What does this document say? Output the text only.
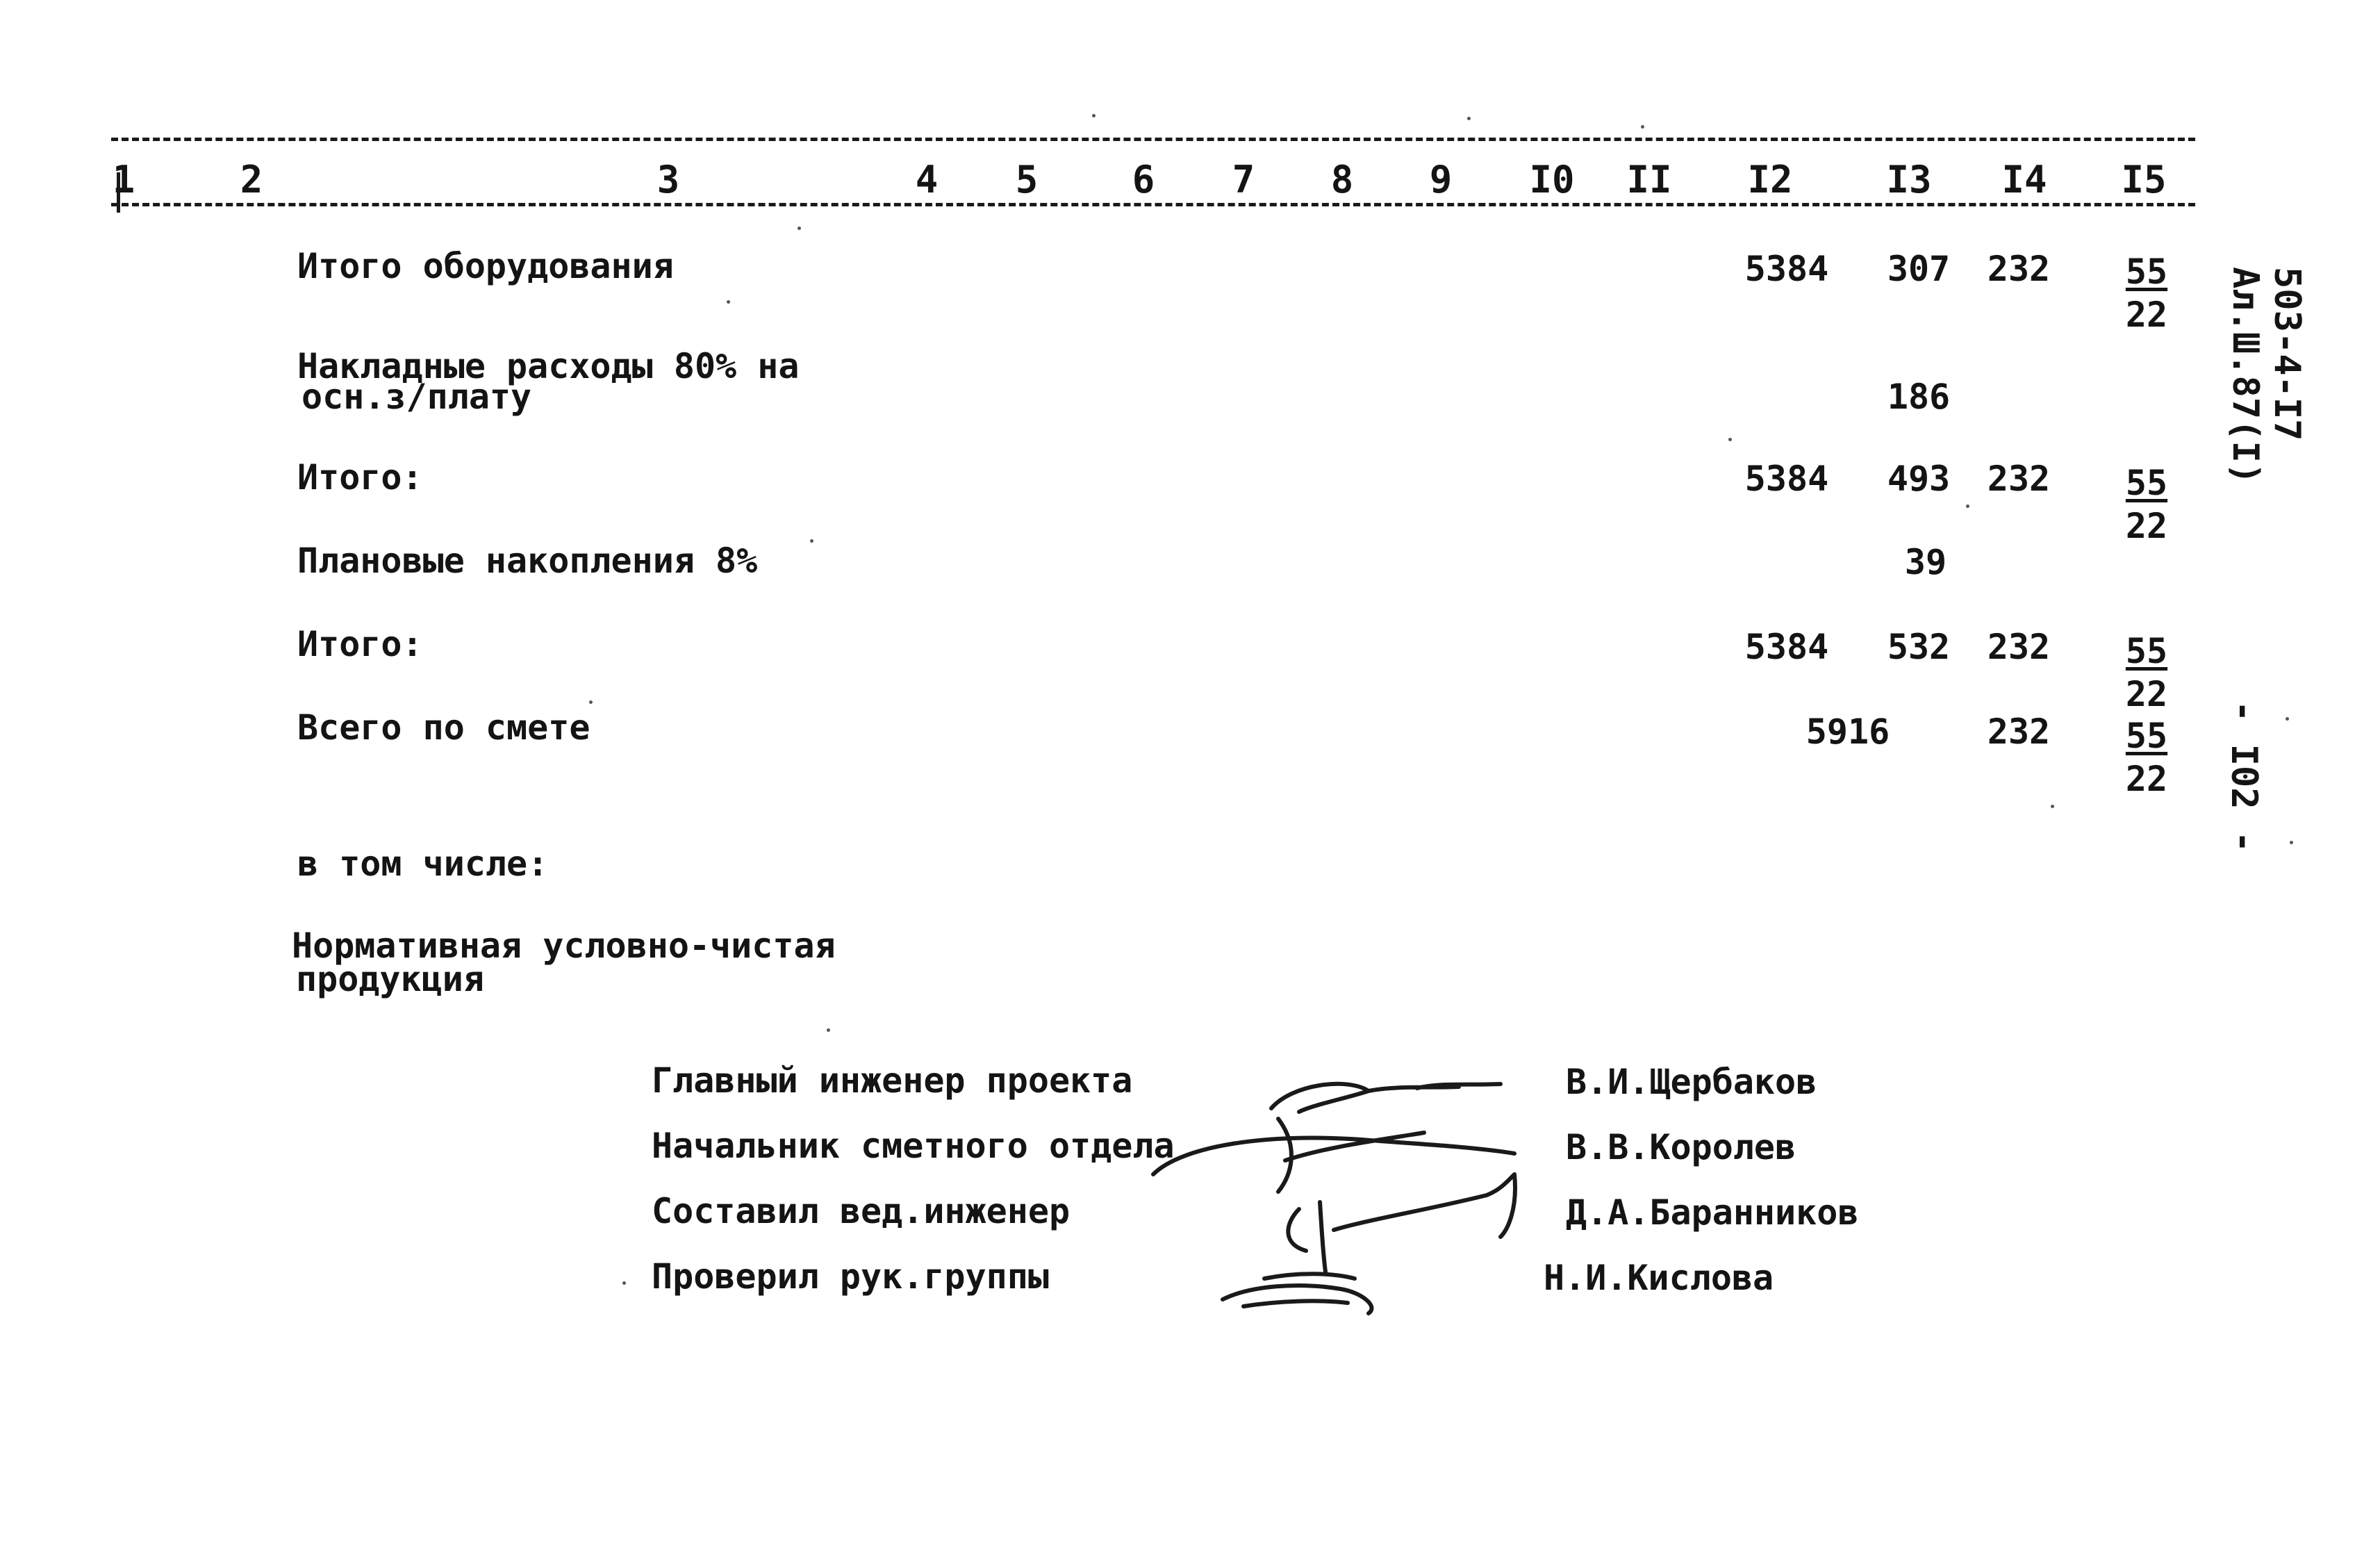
1	2	3	4 5	6 7 8 9 I0 II I2 I3 I4 I5
503-4-I7
Ал.Ш.87(I)
- I02 -
Итого оборудования	5384 307 $232 \frac{55}{22}$
Накладные расходы 80% на
осн.з/плату	186
Итого:	5384 493 $232 \frac{55}{22}$
Плановые накопления 8%	39
Итого:	5384 532 $232 \frac{55}{22}$
Всего по смете	5916	$232 \frac{55}{22}$
в том числе:
Нормативная условно-чистая
продукция
Главный инженер проекта	В.И.Щербаков
Начальник сметного отдела	В.В.Королев
Составил вед.инженер	Д.А.Баранников
Проверил рук.группы	Н.И.Кислова
